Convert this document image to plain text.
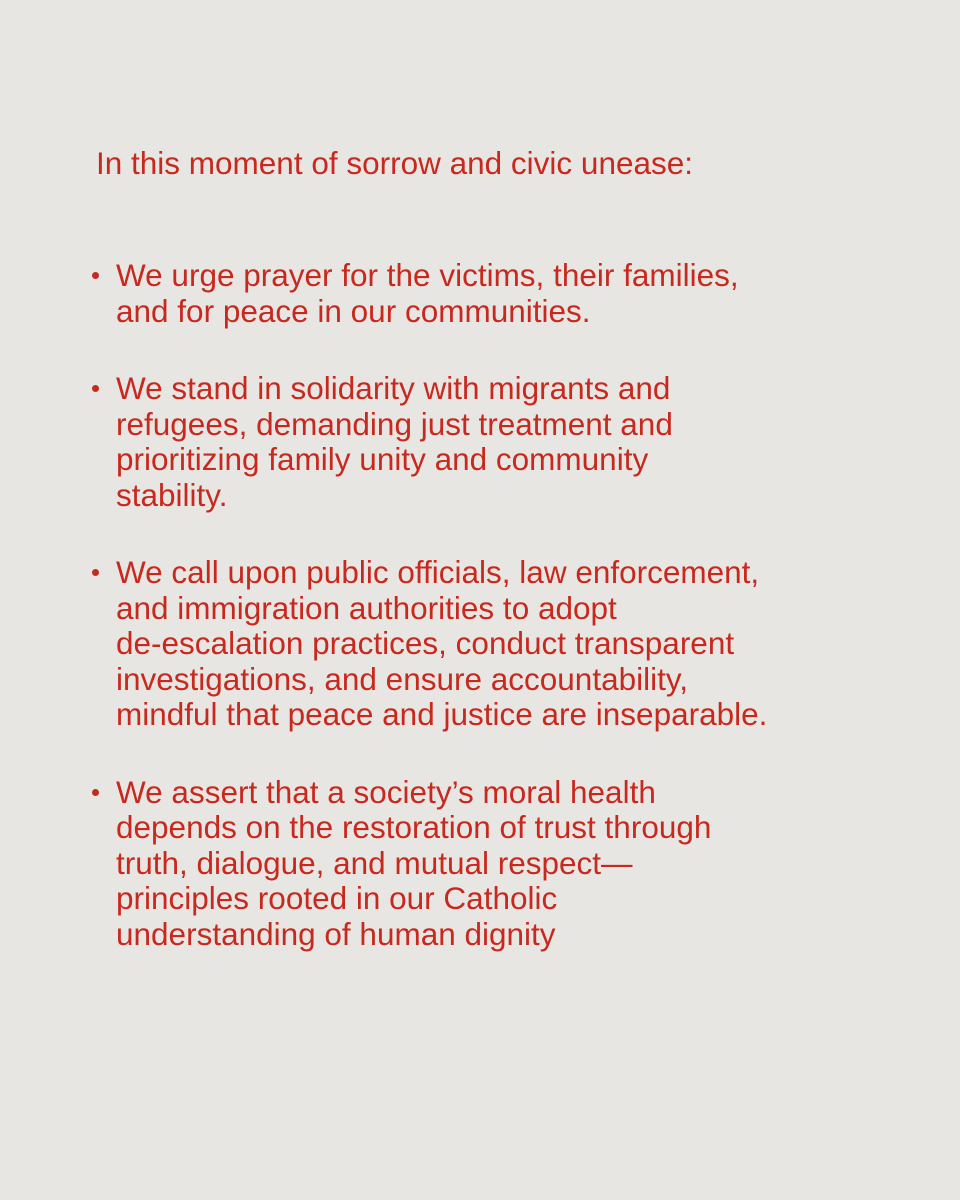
In this moment of sorrow and civic unease:

We urge prayer for the victims, their families,
and for peace in our communities.
We stand in solidarity with migrants and
refugees, demanding just treatment and
prioritizing family unity and community
stability.
We call upon public officials, law enforcement,
and immigration authorities to adopt
de-escalation practices, conduct transparent
investigations, and ensure accountability,
mindful that peace and justice are inseparable.
We assert that a society’s moral health
depends on the restoration of trust through
truth, dialogue, and mutual respect—
principles rooted in our Catholic
understanding of human dignity
